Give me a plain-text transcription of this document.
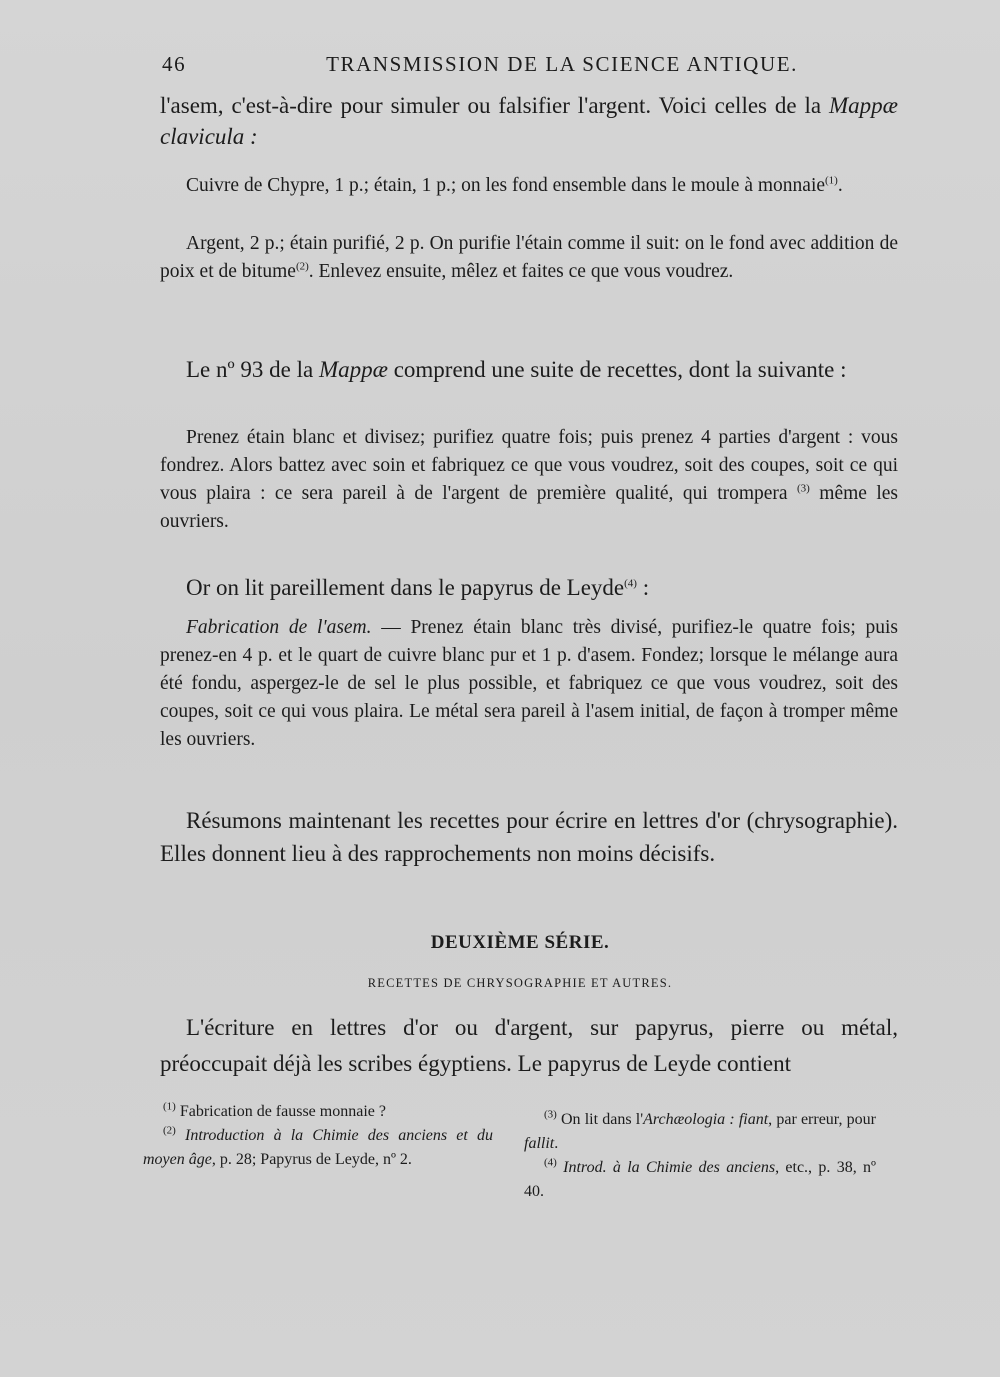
46	TRANSMISSION DE LA SCIENCE ANTIQUE.

l'asem, c'est-à-dire pour simuler ou falsifier l'argent. Voici celles de la Mappæ clavicula :

Cuivre de Chypre, 1 p.; étain, 1 p.; on les fond ensemble dans le moule à monnaie$^{(1)}$.

Argent, 2 p.; étain purifié, 2 p. On purifie l'étain comme il suit: on le fond avec addition de poix et de bitume$^{(2)}$. Enlevez ensuite, mêlez et faites ce que vous voudrez.

Le nº 93 de la Mappæ comprend une suite de recettes, dont la suivante :

Prenez étain blanc et divisez; purifiez quatre fois; puis prenez 4 parties d'argent : vous fondrez. Alors battez avec soin et fabriquez ce que vous voudrez, soit des coupes, soit ce qui vous plaira : ce sera pareil à de l'argent de première qualité, qui trompera $^{(3)}$ même les ouvriers.

Or on lit pareillement dans le papyrus de Leyde$^{(4)}$ :

Fabrication de l'asem. — Prenez étain blanc très divisé, purifiez-le quatre fois; puis prenez-en 4 p. et le quart de cuivre blanc pur et 1 p. d'asem. Fondez; lorsque le mélange aura été fondu, aspergez-le de sel le plus possible, et fabriquez ce que vous voudrez, soit des coupes, soit ce qui vous plaira. Le métal sera pareil à l'asem initial, de façon à tromper même les ouvriers.

Résumons maintenant les recettes pour écrire en lettres d'or (chrysographie). Elles donnent lieu à des rapprochements non moins décisifs.

DEUXIÈME SÉRIE.
RECETTES DE CHRYSOGRAPHIE ET AUTRES.

L'écriture en lettres d'or ou d'argent, sur papyrus, pierre ou métal, préoccupait déjà les scribes égyptiens. Le papyrus de Leyde contient

$^{(1)}$ Fabrication de fausse monnaie ?

$^{(2)}$ Introduction à la Chimie des anciens et du moyen âge, p. 28; Papyrus de Leyde, nº 2.

$^{(3)}$ On lit dans l'Archæologia : fiant, par erreur, pour fallit.

$^{(4)}$ Introd. à la Chimie des anciens, etc., p. 38, nº 40.
